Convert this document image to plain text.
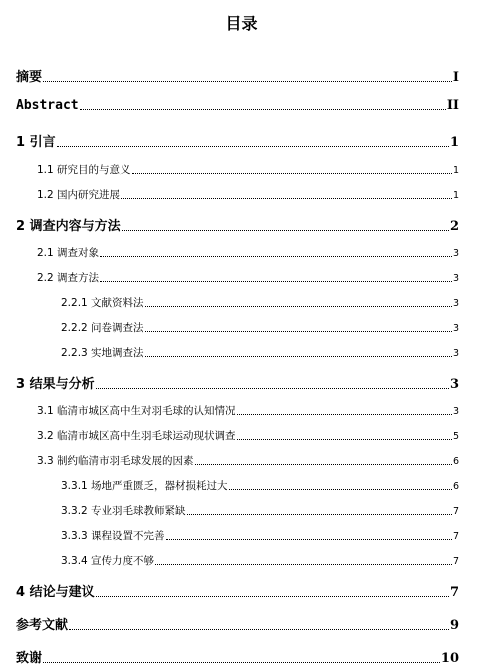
目录
摘要	I
Abstract	II
1 引言	1
1.1 研究目的与意义	1
1.2 国内研究进展	1
2 调查内容与方法	2
2.1 调查对象	3
2.2 调查方法	3
2.2.1 文献资料法	3
2.2.2 问卷调查法	3
2.2.3 实地调查法	3
3 结果与分析	3
3.1 临清市城区高中生对羽毛球的认知情况	3
3.2 临清市城区高中生羽毛球运动现状调查	5
3.3 制约临清市羽毛球发展的因素	6
3.3.1 场地严重匮乏，器材损耗过大	6
3.3.2 专业羽毛球教师紧缺	7
3.3.3 课程设置不完善	7
3.3.4 宣传力度不够	7
4 结论与建议	7
参考文献	9
致谢	10
